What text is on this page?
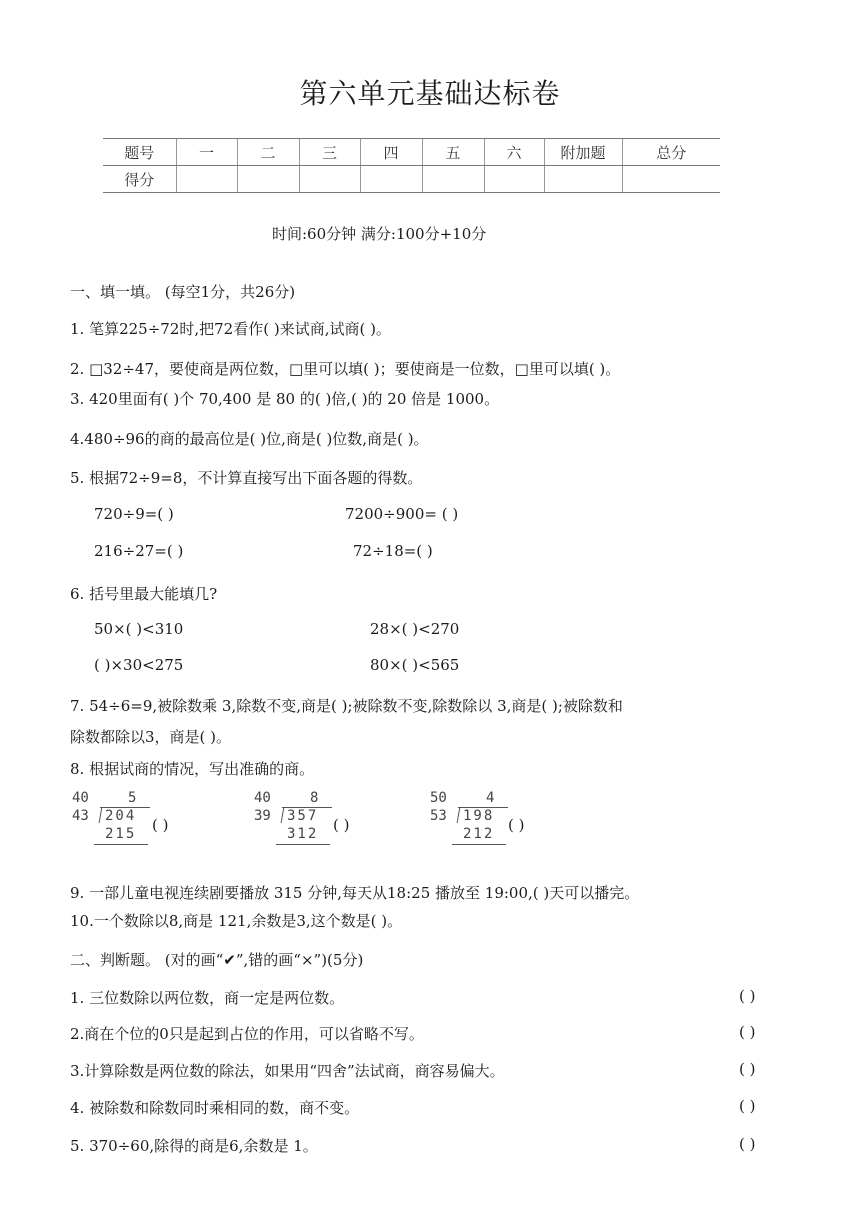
第六单元基础达标卷
题号	一	二	三	四	五	六	附加题	总分
得分								
时间:60分钟 满分:100分+10分
一、填一填。 (每空1分，共26分)
1. 笔算225÷72时,把72看作( )来试商,试商( )。
2. □32÷47，要使商是两位数，□里可以填( )；要使商是一位数，□里可以填( )。
3. 420里面有( )个 70,400 是 80 的( )倍,( )的 20 倍是 1000。
4.480÷96的商的最高位是( )位,商是( )位数,商是( )。
5. 根据72÷9=8，不计算直接写出下面各题的得数。
720÷9=( )	7200÷900= ( )
216÷27=( )	72÷18=( )
6. 括号里最大能填几?
50×( )<310	28×( )<270
( )×30<275	80×( )<565
7. 54÷6=9,被除数乘 3,除数不变,商是( );被除数不变,除数除以 3,商是( );被除数和
除数都除以3，商是( )。
8. 根据试商的情况，写出准确的商。
40	5
43 204
215 ( )
40	8
39 357
312 ( )
50	4
53 198
212 ( )
9. 一部儿童电视连续剧要播放 315 分钟,每天从18:25 播放至 19:00,( )天可以播完。
10.一个数除以8,商是 121,余数是3,这个数是( )。
二、判断题。 (对的画“✔”,错的画“×”)(5分)
1. 三位数除以两位数，商一定是两位数。	( )
2.商在个位的0只是起到占位的作用，可以省略不写。	( )
3.计算除数是两位数的除法，如果用“四舍”法试商，商容易偏大。	( )
4. 被除数和除数同时乘相同的数，商不变。	( )
5. 370÷60,除得的商是6,余数是 1。	( )
